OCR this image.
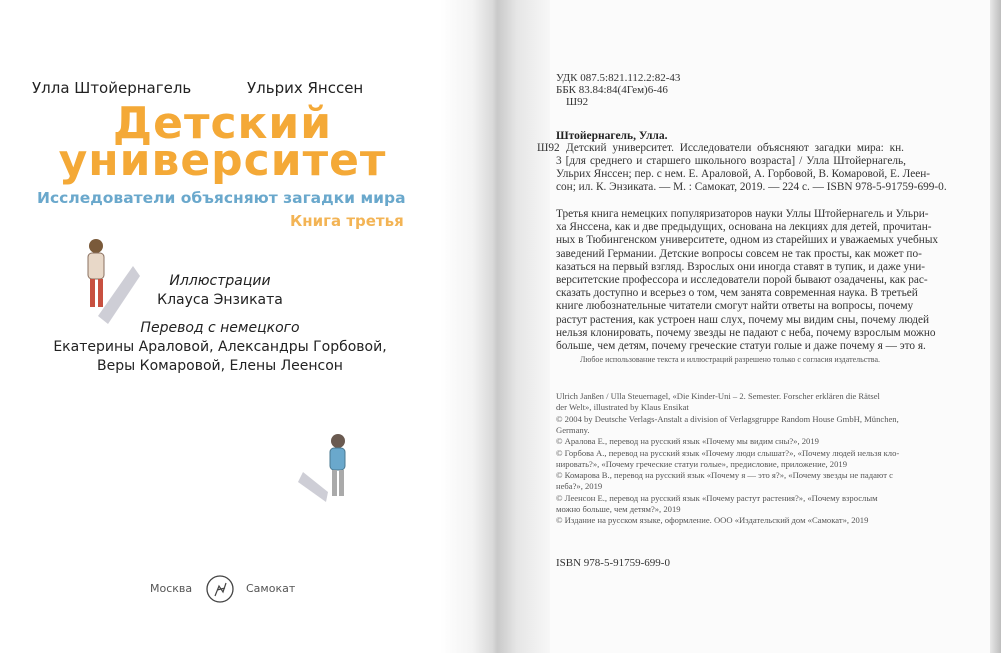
Улла Штойернагель	Ульрих Янссен
Детский
университет
Исследователи объясняют загадки мира
Книга третья
Иллюстрации
Клауса Энзиката
Перевод с немецкого
Екатерины Араловой, Александры Горбовой,
Веры Комаровой, Елены Леенсон
Москва	Самокат
УДК 087.5:821.112.2:82-43
ББК 83.84:84(4Гем)6-46
Ш92
Штойернагель, Улла.
Ш92 Детский университет. Исследователи объясняют загадки мира: кн.
3 [для среднего и старшего школьного возраста] / Улла Штойернагель,
Ульрих Янссен; пер. с нем. Е. Араловой, А. Горбовой, В. Комаровой, Е. Леен-
сон; ил. К. Энзиката. — М. : Самокат, 2019. — 224 с. — ISBN 978-5-91759-699-0.
Третья книга немецких популяризаторов науки Уллы Штойернагель и Ульри-
ха Янссена, как и две предыдущих, основана на лекциях для детей, прочитан-
ных в Тюбингенском университете, одном из старейших и уважаемых учебных
заведений Германии. Детские вопросы совсем не так просты, как может по-
казаться на первый взгляд. Взрослых они иногда ставят в тупик, и даже уни-
верситетские профессора и исследователи порой бывают озадачены, как рас-
сказать доступно и всерьез о том, чем занята современная наука. В третьей
книге любознательные читатели смогут найти ответы на вопросы, почему
растут растения, как устроен наш слух, почему мы видим сны, почему людей
нельзя клонировать, почему звезды не падают с неба, почему взрослым можно
больше, чем детям, почему греческие статуи голые и даже почему я — это я.
Любое использование текста и иллюстраций разрешено только с согласия издательства.
Ulrich Janßen / Ulla Steuernagel, «Die Kinder-Uni – 2. Semester. Forscher erklären die Rätsel
der Welt», illustrated by Klaus Ensikat
© 2004 by Deutsche Verlags-Anstalt a division of Verlagsgruppe Random House GmbH, München,
Germany.
© Аралова Е., перевод на русский язык «Почему мы видим сны?», 2019
© Горбова А., перевод на русский язык «Почему люди слышат?», «Почему людей нельзя кло-
нировать?», «Почему греческие статуи голые», предисловие, приложение, 2019
© Комарова В., перевод на русский язык «Почему я — это я?», «Почему звезды не падают с
неба?», 2019
© Леенсон Е., перевод на русский язык «Почему растут растения?», «Почему взрослым
можно больше, чем детям?», 2019
© Издание на русском языке, оформление. ООО «Издательский дом «Самокат», 2019
ISBN 978-5-91759-699-0
